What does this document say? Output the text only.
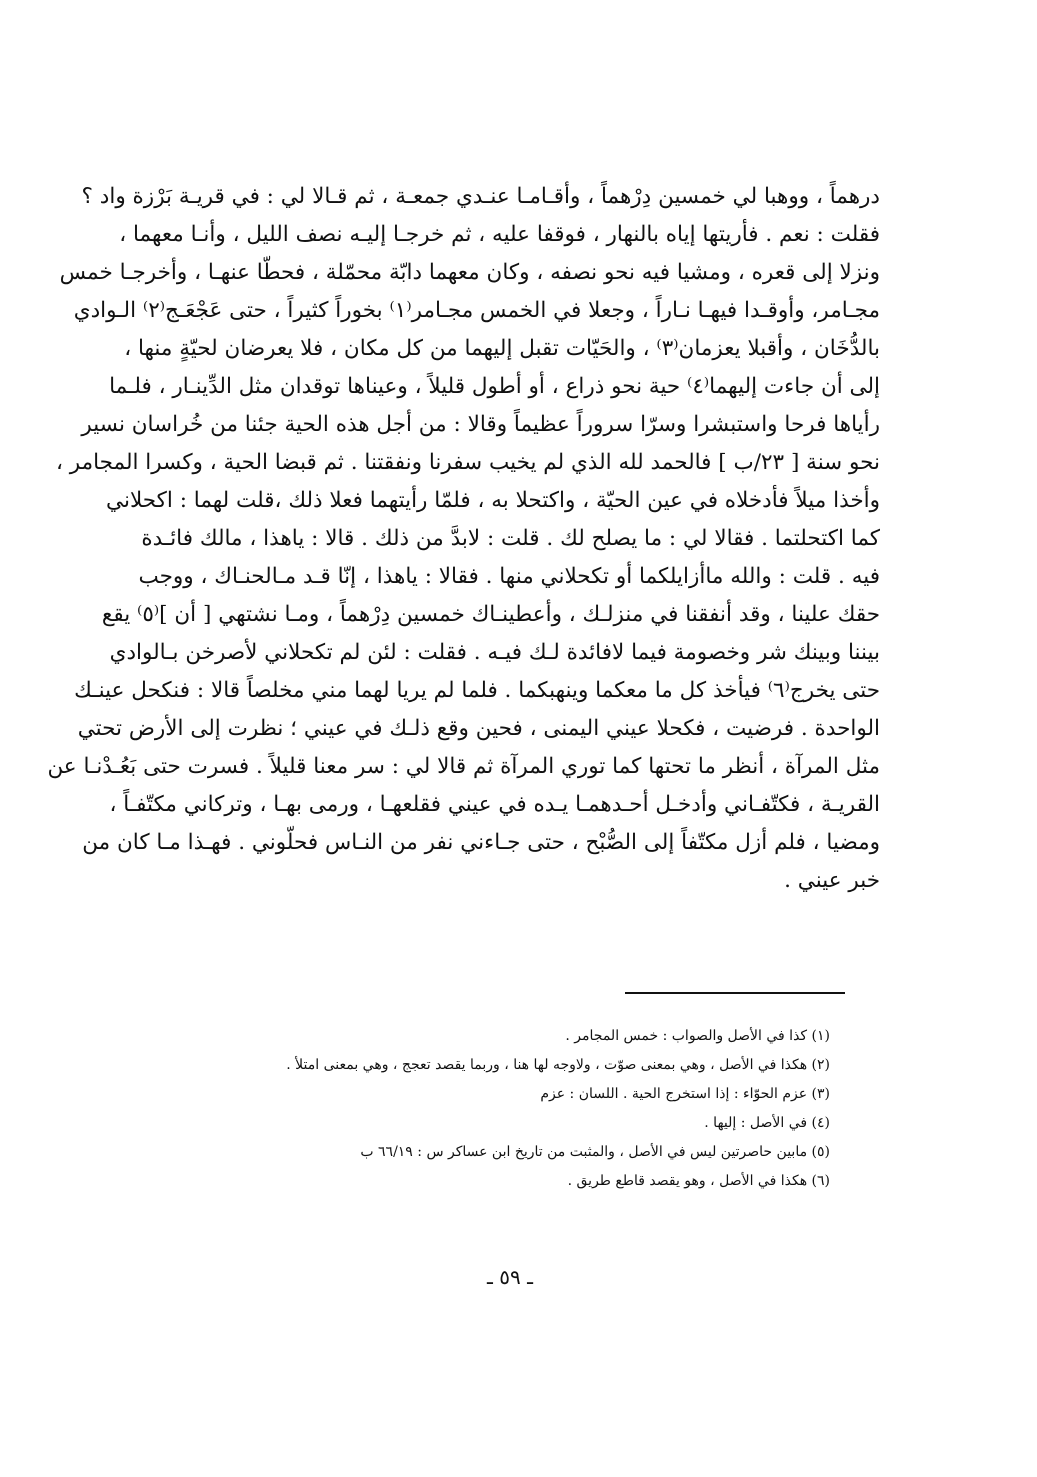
درهماً ، ووهبا لي خمسين دِرْهماً ، وأقـامـا عنـدي جمعـة ، ثم قـالا لي : في قريـة بَرْزة واد ؟
فقلت : نعم . فأريتها إياه بالنهار ، فوقفا عليه ، ثم خرجـا إليـه نصف الليل ، وأنـا معهما ،
ونزلا إلى قعره ، ومشيا فيه نحو نصفه ، وكان معهما دابّة محمّلة ، فحطّا عنهـا ، وأخرجـا خمس
مجـامر، وأوقـدا فيهـا نـاراً ، وجعلا في الخمس مجـامر⁽١⁾ بخوراً كثيراً ، حتى عَجْعَـج⁽٢⁾ الـوادي
بالدُّخَان ، وأقبلا يعزمان⁽٣⁾ ، والحَيّات تقبل إليهما من كل مكان ، فلا يعرضان لحيّةٍ منها ،
إلى أن جاءت إليهما⁽٤⁾ حية نحو ذراع ، أو أطول قليلاً ، وعيناها توقدان مثل الدِّينـار ، فلـما
رأياها فرحا واستبشرا وسرّا سروراً عظيماً وقالا : من أجل هذه الحية جئنا من خُراسان نسير
نحو سنة [ ٢٣/ب ] فالحمد لله الذي لم يخيب سفرنا ونفقتنا . ثم قبضا الحية ، وكسرا المجامر ،
وأخذا ميلاً فأدخلاه في عين الحيّة ، واكتحلا به ، فلمّا رأيتهما فعلا ذلك ،قلت لهما : اكحلاني
كما اكتحلتما . فقالا لي : ما يصلح لك . قلت : لابدَّ من ذلك . قالا : ياهذا ، مالك فائـدة
فيه . قلت : والله ماأزايلكما أو تكحلاني منها . فقالا : ياهذا ، إنّا قـد مـالحنـاك ، ووجب
حقك علينا ، وقد أنفقنا في منزلـك ، وأعطينـاك خمسين دِرْهماً ، ومـا نشتهي [ أن ]⁽٥⁾ يقع
بيننا وبينك شر وخصومة فيما لافائدة لـك فيـه . فقلت : لئن لم تكحلاني لأصرخن بـالوادي
حتى يخرج⁽٦⁾ فيأخذ كل ما معكما وينهبكما . فلما لم يريا لهما مني مخلصاً قالا : فنكحل عينـك
الواحدة . فرضيت ، فكحلا عيني اليمنى ، فحين وقع ذلـك في عيني ؛ نظرت إلى الأرض تحتي
مثل المرآة ، أنظر ما تحتها كما توري المرآة ثم قالا لي : سر معنا قليلاً . فسرت حتى بَعُـدْنـا عن
القريـة ، فكتّفـاني وأدخـل أحـدهمـا يـده في عيني فقلعهـا ، ورمى بهـا ، وتركاني مكتّفـاً ،
ومضيا ، فلم أزل مكتّفاً إلى الصُّبْح ، حتى جـاءني نفر من النـاس فحلّوني . فهـذا مـا كان من
خبر عيني .
(١) كذا في الأصل والصواب : خمس المجامر .
(٢) هكذا في الأصل ، وهي بمعنى صوّت ، ولاوجه لها هنا ، وربما يقصد تعجج ، وهي بمعنى امتلأ .
(٣) عزم الحوّاء : إذا استخرج الحية . اللسان : عزم
(٤) في الأصل : إليها .
(٥) مابين حاصرتين ليس في الأصل ، والمثبت من تاريخ ابن عساكر س : ٦٦/١٩ ب
(٦) هكذا في الأصل ، وهو يقصد قاطع طريق .
ـ ٥٩ ـ
